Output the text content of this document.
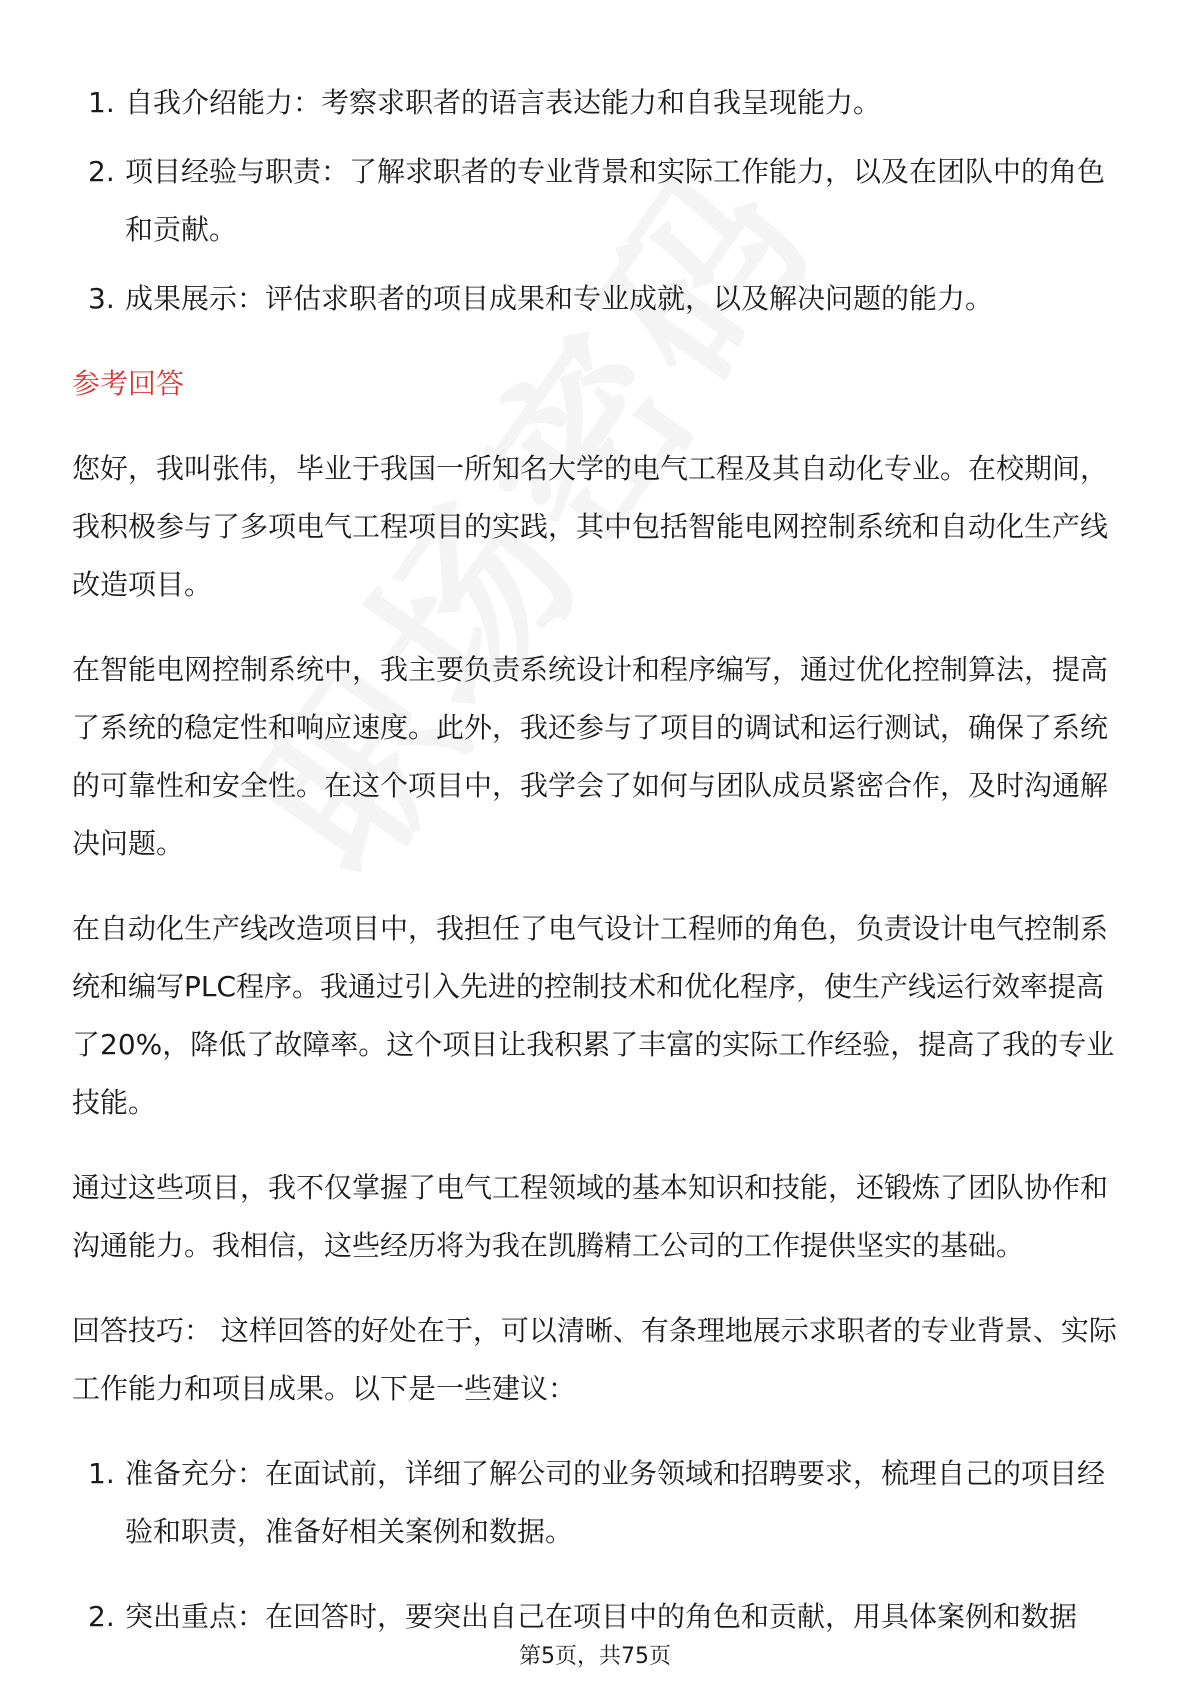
1. 自我介绍能力：考察求职者的语言表达能力和自我呈现能力。
2. 项目经验与职责：了解求职者的专业背景和实际工作能力，以及在团队中的角色和贡献。
3. 成果展示：评估求职者的项目成果和专业成就，以及解决问题的能力。

参考回答

您好，我叫张伟，毕业于我国一所知名大学的电气工程及其自动化专业。在校期间，我积极参与了多项电气工程项目的实践，其中包括智能电网控制系统和自动化生产线改造项目。

在智能电网控制系统中，我主要负责系统设计和程序编写，通过优化控制算法，提高了系统的稳定性和响应速度。此外，我还参与了项目的调试和运行测试，确保了系统的可靠性和安全性。在这个项目中，我学会了如何与团队成员紧密合作，及时沟通解决问题。

在自动化生产线改造项目中，我担任了电气设计工程师的角色，负责设计电气控制系统和编写PLC程序。我通过引入先进的控制技术和优化程序，使生产线运行效率提高了20%，降低了故障率。这个项目让我积累了丰富的实际工作经验，提高了我的专业技能。

通过这些项目，我不仅掌握了电气工程领域的基本知识和技能，还锻炼了团队协作和沟通能力。我相信，这些经历将为我在凯腾精工公司的工作提供坚实的基础。

回答技巧： 这样回答的好处在于，可以清晰、有条理地展示求职者的专业背景、实际工作能力和项目成果。以下是一些建议：

1. 准备充分：在面试前，详细了解公司的业务领域和招聘要求，梳理自己的项目经验和职责，准备好相关案例和数据。
2. 突出重点：在回答时，要突出自己在项目中的角色和贡献，用具体案例和数据
第5页，共75页
